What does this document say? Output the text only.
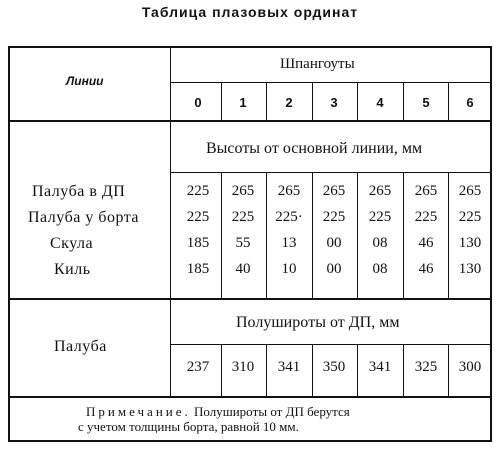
Таблица плазовых ординат
Линии
Шпангоуты
0	1	2	3	4	5	6
Высоты от основной линии, мм
Палуба в ДП	225	265	265	265	265	265	265
Палуба у борта	225	225	225·	225	225	225	225
Скула	185	55	13	00	08	46	130
Киль	185	40	10	00	08	46	130
Полуширoты от ДП, мм
Палуба
237	310	341	350	341	325	300
Примечание. Полуширoты от ДП берутся
с учетом толщины борта, равной 10 мм.
